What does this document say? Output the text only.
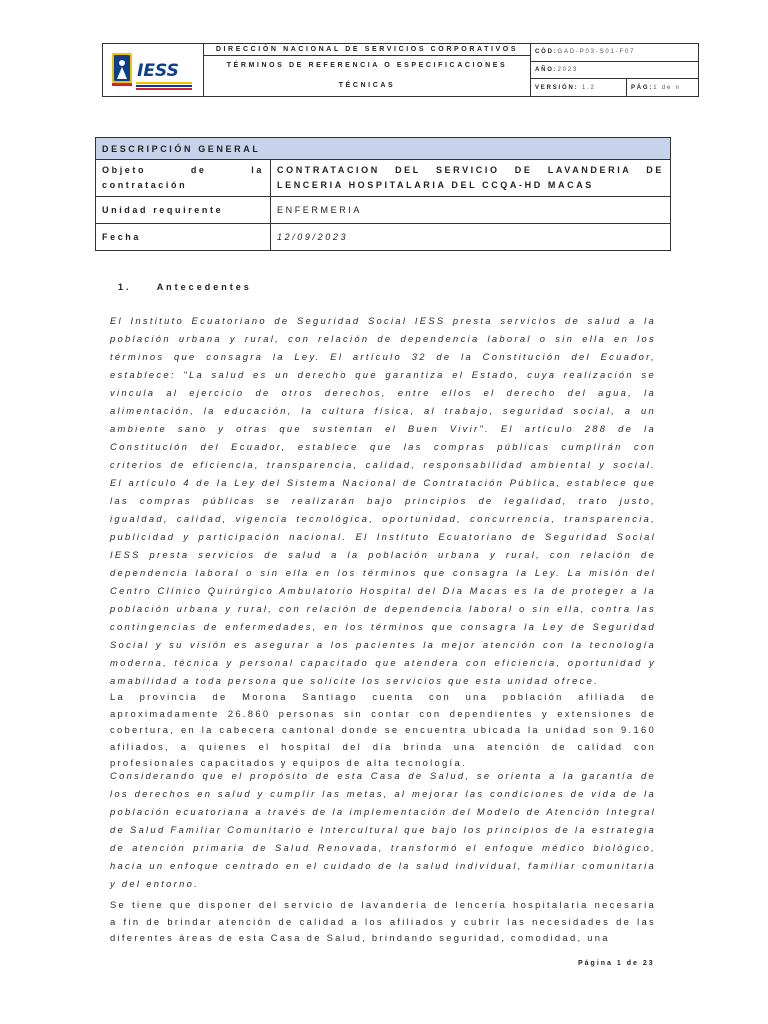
IESS
DIRECCIÓN NACIONAL DE SERVICIOS CORPORATIVOS
TÉRMINOS DE REFERENCIA O ESPECIFICACIONES
TÉCNICAS
CÓD: GAD-P03-S01-F07
AÑO: 2023
VERSIÓN:
1.2	PÁG: 1 de n
DESCRIPCIÓN GENERAL	
Objeto de la contratación	CONTRATACION DEL SERVICIO DE LAVANDERIA DE LENCERIA HOSPITALARIA DEL CCQA-HD MACAS
Unidad requirente	ENFERMERIA
Fecha	12/09/2023
1.	Antecedentes

El Instituto Ecuatoriano de Seguridad Social IESS presta servicios de salud a la población urbana y rural, con relación de dependencia laboral o sin ella en los términos que consagra la Ley. El artículo 32 de la Constitución del Ecuador, establece: "La salud es un derecho que garantiza el Estado, cuya realización se vincula al ejercicio de otros derechos, entre ellos el derecho del agua, la alimentación, la educación, la cultura física, al trabajo, seguridad social, a un ambiente sano y otras que sustentan el Buen Vivir". El artículo 288 de la Constitución del Ecuador, establece que las compras públicas cumplirán con criterios de eficiencia, transparencia, calidad, responsabilidad ambiental y social. El artículo 4 de la Ley del Sistema Nacional de Contratación Pública, establece que las compras públicas se realizarán bajo principios de legalidad, trato justo, igualdad, calidad, vigencia tecnológica, oportunidad, concurrencia, transparencia, publicidad y participación nacional. El Instituto Ecuatoriano de Seguridad Social IESS presta servicios de salud a la población urbana y rural, con relación de dependencia laboral o sin ella en los términos que consagra la Ley. La misión del Centro Clínico Quirúrgico Ambulatorio Hospital del Día Macas es la de proteger a la población urbana y rural, con relación de dependencia laboral o sin ella, contra las contingencias de enfermedades, en los términos que consagra la Ley de Seguridad Social y su visión es asegurar a los pacientes la mejor atención con la tecnología moderna, técnica y personal capacitado que atendera con eficiencia, oportunidad y amabilidad a toda persona que solicite los servicios que esta unidad ofrece.

La provincia de Morona Santiago cuenta con una población afiliada de aproximadamente 26.860 personas sin contar con dependientes y extensiones de cobertura, en la cabecera cantonal donde se encuentra ubicada la unidad son 9.160 afiliados, a quienes el hospital del día brinda una atención de calidad con profesionales capacitados y equipos de alta tecnología.

Considerando que el propósito de esta Casa de Salud, se orienta a la garantía de los derechos en salud y cumplir las metas, al mejorar las condiciones de vida de la población ecuatoriana a través de la implementación del Modelo de Atención Integral de Salud Familiar Comunitario e Intercultural que bajo los principios de la estrategia de atención primaria de Salud Renovada, transformó el enfoque médico biológico, hacia un enfoque centrado en el cuidado de la salud individual, familiar comunitaria y del entorno.

Se tiene que disponer del servicio de lavandería de lencería hospitalaria necesaria a fin de brindar atención de calidad a los afiliados y cubrir las necesidades de las diferentes áreas de esta Casa de Salud, brindando seguridad, comodidad, una

Página 1 de 23
